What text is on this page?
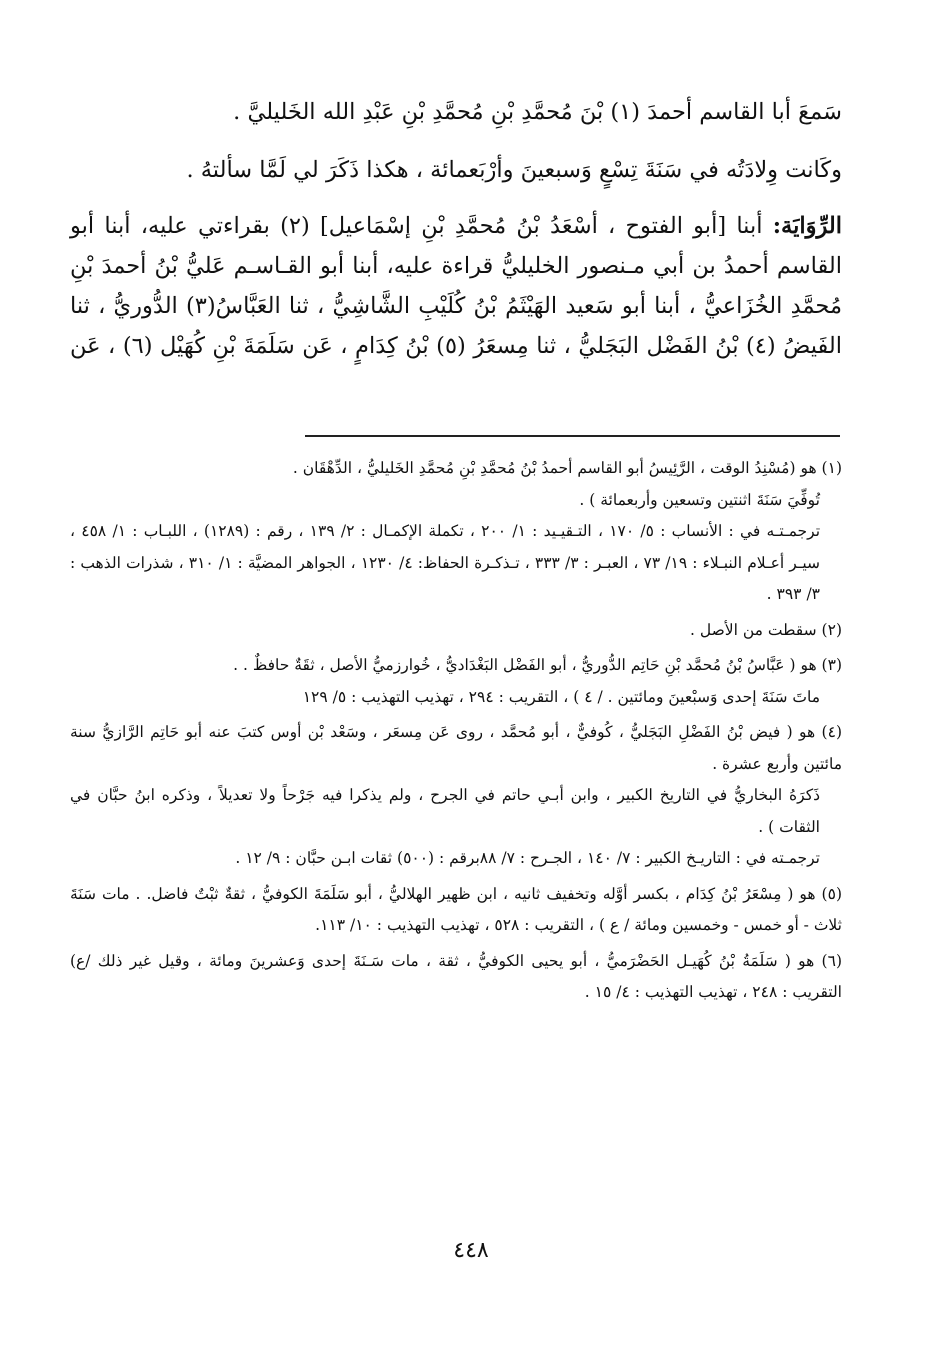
سَمعَ أبا القاسم أحمدَ (١) بْنَ مُحمَّدِ بْنِ مُحمَّدِ بْنِ عَبْدِ الله الخَليليَّ .

وكَانت وِلادَتُه في سَنَةَ تِسْعٍ وَسبعينَ وأرْبَعمائة ، هكذا ذَكَرَ لي لَمَّا سألتهُ .

الرِّوَايَة: أبنا [أبو الفتوح ، أسْعَدُ بْنُ مُحمَّدِ بْنِ إسْمَاعيل] (٢) بقراءتي عليه، أبنا أبو القاسم أحمدُ بن أبي مـنصور الخليليُّ قراءة عليه، أبنا أبو القـاسـم عَليُّ بْنُ أحمدَ بْنِ مُحمَّدِ الخُزَاعيُّ ، أبنا أبو سَعيد الهَيْثَمُ بْنُ كُلَيْبِ الشَّاشِيُّ ، ثنا العَبَّاسُ(٣) الدُّوريُّ ، ثنا الفَيضُ (٤) بْنُ الفَضْل البَجَليُّ ، ثنا مِسعَرُ (٥) بْنُ كِدَامٍ ، عَن سَلَمَةَ بْنِ كُهَيْل (٦) ، عَن

(١) هو (مُسْنِدُ الوقت ، الرَّئِيسُ أبو القاسم أحمدُ بْنُ مُحمَّدِ بْنِ مُحمَّدِ الخَليليُّ ، الدِّهْقَان .
تُوفِّيَ سَنَةَ اثنتين وتسعين وأربعمائة ) .
ترجمـتـه في : الأنساب : ٥/ ١٧٠ ، التـقيـيد : ١/ ٢٠٠ ، تكملة الإكمـال : ٢/ ١٣٩ ، رقم : (١٢٨٩) ، اللبـاب : ١/ ٤٥٨ ، سيـر أعـلام النبـلاء : ١٩/ ٧٣ ، العبـر : ٣/ ٣٣٣ ، تـذكـرة الحفاظ: ٤/ ١٢٣٠ ، الجواهر المضيَّة : ١/ ٣١٠ ، شذرات الذهب : ٣/ ٣٩٣ .
(٢) سقطت من الأصل .
(٣) هو ( عَبَّاسُ بْنُ مُحمَّد بْنِ حَاتِم الدُّوريُّ ، أبو الفَضْل البَغْدَاديُّ ، خُوارزميُّ الأصل ، ثقَةٌ حافظٌ . .
ماتَ سَنَةَ إحدى وَسبْعينَ ومائتين . / ٤ ) ، التقريب : ٢٩٤ ، تهذيب التهذيب : ٥/ ١٢٩
(٤) هو ( فيض بْنُ الفَضْلِ البَجَليُّ ، كُوفيٌّ ، أبو مُحمَّد ، روى عَن مِسعَر ، وسَعْد بْن أوس كتبَ عنه أبو حَاتِم الرَّازيُّ سنة مائتين وأربع عشرة .
ذَكرَهُ البخاريُّ في التاريخ الكبير ، وابن أبـي حاتم في الجرح ، ولم يذكرا فيه جَرْحاً ولا تعديلاً ، وذكره ابنُ حبَّان في الثقات ) .
ترجمـته في : التاريـخ الكبير : ٧/ ١٤٠ ، الجـرح : ٧/ ٨٨برقم : (٥٠٠) ثقات ابـن حبَّان : ٩/ ١٢ .
(٥) هو ( مِسْعَرُ بْنُ كِدَام ، بكسر أوَّله وتخفيف ثانيه ، ابن ظهير الهلاليُّ ، أبو سَلَمَةَ الكوفيُّ ، ثقةٌ ثبْتٌ فاضل. . مات سَنَةَ ثلاث - أو خمس - وخمسين ومائة / ع ) ، التقريب : ٥٢٨ ، تهذيب التهذيب : ١٠/ ١١٣.
(٦) هو ( سَلَمَةُ بْنُ كُهَيـل الحَضْرَميُّ ، أبو يحيى الكوفيُّ ، ثقة ، مات سَـنَةَ إحدى وَعشرينَ ومائة ، وقيل غير ذلك /ع) التقريب : ٢٤٨ ، تهذيب التهذيب : ٤/ ١٥ .
٤٤٨
